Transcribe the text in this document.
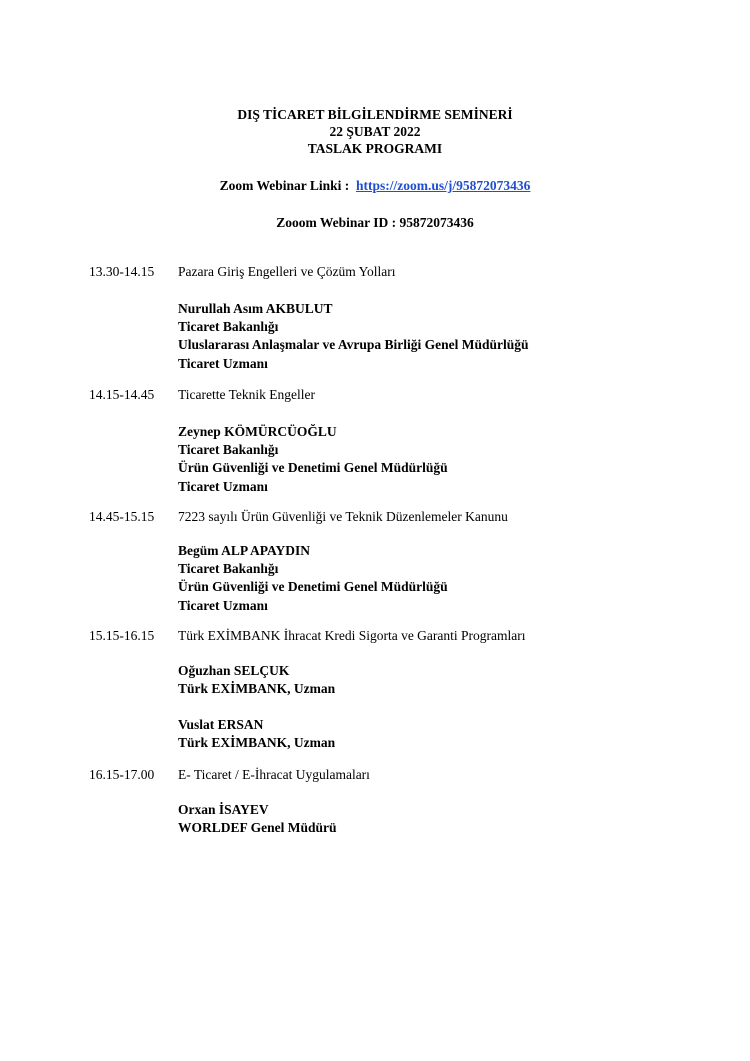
DIŞ TİCARET BİLGİLENDİRME SEMİNERİ
22 ŞUBAT 2022
TASLAK PROGRAMI
Zoom Webinar Linki : https://zoom.us/j/95872073436
Zooom Webinar ID : 95872073436
13.30-14.15	Pazara Giriş Engelleri ve Çözüm Yolları
Nurullah Asım AKBULUT
Ticaret Bakanlığı
Uluslararası Anlaşmalar ve Avrupa Birliği Genel Müdürlüğü
Ticaret Uzmanı
14.15-14.45	Ticarette Teknik Engeller
Zeynep KÖMÜRCÜOĞLU
Ticaret Bakanlığı
Ürün Güvenliği ve Denetimi Genel Müdürlüğü
Ticaret Uzmanı
14.45-15.15	7223 sayılı Ürün Güvenliği ve Teknik Düzenlemeler Kanunu
Begüm ALP APAYDIN
Ticaret Bakanlığı
Ürün Güvenliği ve Denetimi Genel Müdürlüğü
Ticaret Uzmanı
15.15-16.15	Türk EXİMBANK İhracat Kredi Sigorta ve Garanti Programları
Oğuzhan SELÇUK
Türk EXİMBANK, Uzman
Vuslat ERSAN
Türk EXİMBANK, Uzman
16.15-17.00	E- Ticaret / E-İhracat Uygulamaları
Orxan İSAYEV
WORLDEF Genel Müdürü
